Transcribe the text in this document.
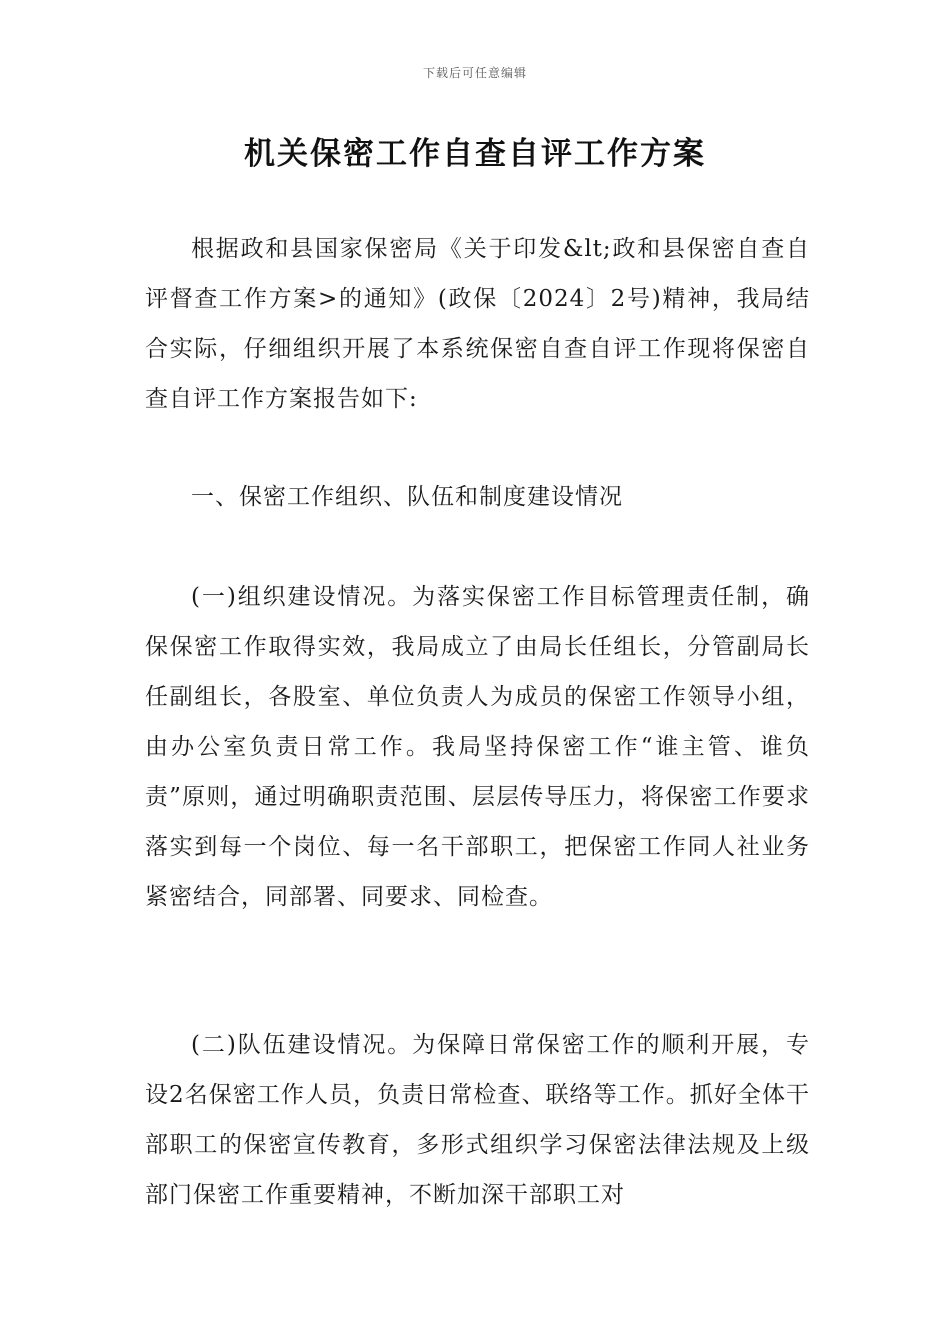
下载后可任意编辑
机关保密工作自查自评工作方案

根据政和县国家保密局《关于印发&lt;政和县保密自查自评督查工作方案>的通知》(政保〔2024〕2号)精神，我局结合实际，仔细组织开展了本系统保密自查自评工作现将保密自查自评工作方案报告如下:

一、保密工作组织、队伍和制度建设情况

(一)组织建设情况。为落实保密工作目标管理责任制，确保保密工作取得实效，我局成立了由局长任组长，分管副局长任副组长，各股室、单位负责人为成员的保密工作领导小组，由办公室负责日常工作。我局坚持保密工作“谁主管、谁负责”原则，通过明确职责范围、层层传导压力，将保密工作要求落实到每一个岗位、每一名干部职工，把保密工作同人社业务紧密结合，同部署、同要求、同检查。

(二)队伍建设情况。为保障日常保密工作的顺利开展，专设2名保密工作人员，负责日常检查、联络等工作。抓好全体干部职工的保密宣传教育，多形式组织学习保密法律法规及上级部门保密工作重要精神，不断加深干部职工对
